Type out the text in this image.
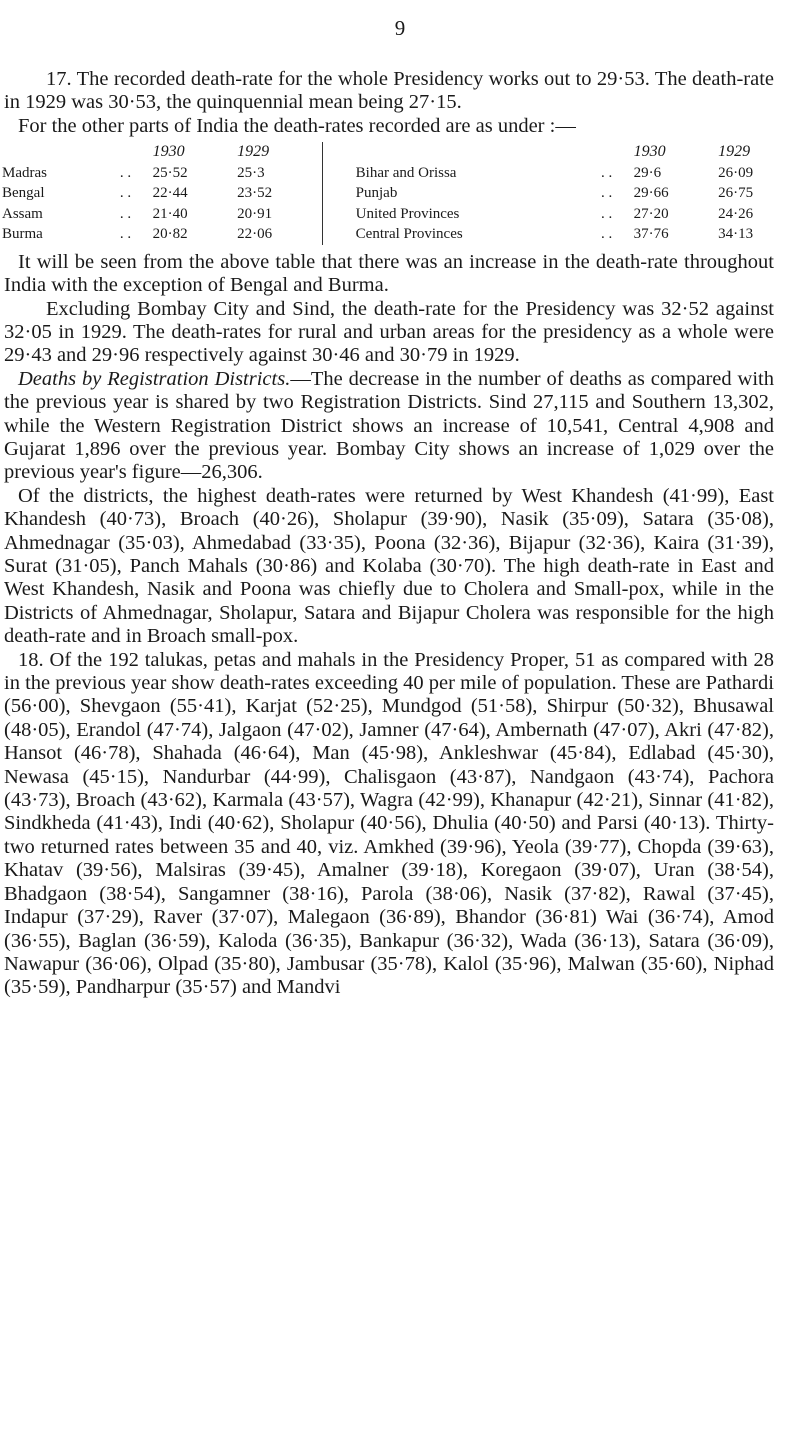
9

17. The recorded death-rate for the whole Presidency works out to 29·53. The death-rate in 1929 was 30·53, the quinquennial mean being 27·15.

For the other parts of India the death-rates recorded are as under :—

		1930	1929				1930	1929
Madras	. .	25·52	25·3		Bihar and Orissa	. .	29·6	26·09
Bengal	. .	22·44	23·52		Punjab	. .	29·66	26·75
Assam	. .	21·40	20·91		United Provinces	. .	27·20	24·26
Burma	. .	20·82	22·06		Central Provinces	. .	37·76	34·13

It will be seen from the above table that there was an increase in the death-rate throughout India with the exception of Bengal and Burma.

Excluding Bombay City and Sind, the death-rate for the Presidency was 32·52 against 32·05 in 1929. The death-rates for rural and urban areas for the presidency as a whole were 29·43 and 29·96 respectively against 30·46 and 30·79 in 1929.

Deaths by Registration Districts.—The decrease in the number of deaths as compared with the previous year is shared by two Registration Districts. Sind 27,115 and Southern 13,302, while the Western Registration District shows an increase of 10,541, Central 4,908 and Gujarat 1,896 over the previous year. Bombay City shows an increase of 1,029 over the previous year's figure—26,306.

Of the districts, the highest death-rates were returned by West Khandesh (41·99), East Khandesh (40·73), Broach (40·26), Sholapur (39·90), Nasik (35·09), Satara (35·08), Ahmednagar (35·03), Ahmedabad (33·35), Poona (32·36), Bijapur (32·36), Kaira (31·39), Surat (31·05), Panch Mahals (30·86) and Kolaba (30·70). The high death-rate in East and West Khandesh, Nasik and Poona was chiefly due to Cholera and Small-pox, while in the Districts of Ahmednagar, Sholapur, Satara and Bijapur Cholera was responsible for the high death-rate and in Broach small-pox.

18. Of the 192 talukas, petas and mahals in the Presidency Proper, 51 as compared with 28 in the previous year show death-rates exceeding 40 per mile of population. These are Pathardi (56·00), Shevgaon (55·41), Karjat (52·25), Mundgod (51·58), Shirpur (50·32), Bhusawal (48·05), Erandol (47·74), Jalgaon (47·02), Jamner (47·64), Ambernath (47·07), Akri (47·82), Hansot (46·78), Shahada (46·64), Man (45·98), Ankleshwar (45·84), Edlabad (45·30), Newasa (45·15), Nandurbar (44·99), Chalisgaon (43·87), Nandgaon (43·74), Pachora (43·73), Broach (43·62), Karmala (43·57), Wagra (42·99), Khanapur (42·21), Sinnar (41·82), Sindkheda (41·43), Indi (40·62), Sholapur (40·56), Dhulia (40·50) and Parsi (40·13). Thirty-two returned rates between 35 and 40, viz. Amkhed (39·96), Yeola (39·77), Chopda (39·63), Khatav (39·56), Malsiras (39·45), Amalner (39·18), Koregaon (39·07), Uran (38·54), Bhadgaon (38·54), Sangamner (38·16), Parola (38·06), Nasik (37·82), Rawal (37·45), Indapur (37·29), Raver (37·07), Malegaon (36·89), Bhandor (36·81) Wai (36·74), Amod (36·55), Baglan (36·59), Kaloda (36·35), Bankapur (36·32), Wada (36·13), Satara (36·09), Nawapur (36·06), Olpad (35·80), Jambusar (35·78), Kalol (35·96), Malwan (35·60), Niphad (35·59), Pandharpur (35·57) and Mandvi
